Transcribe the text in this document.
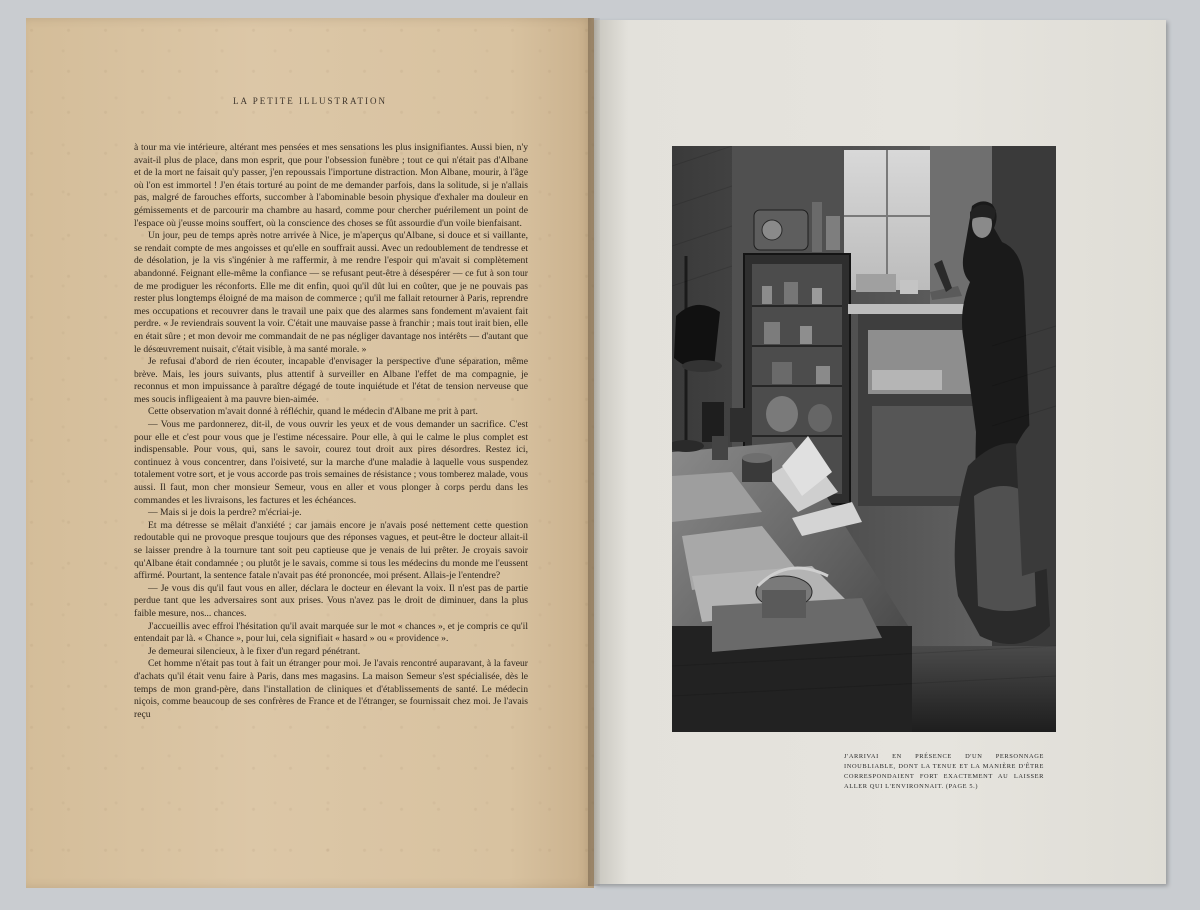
LA PETITE ILLUSTRATION

à tour ma vie intérieure, altérant mes pensées et mes sensations les plus insignifiantes. Aussi bien, n'y avait-il plus de place, dans mon esprit, que pour l'obsession funèbre ; tout ce qui n'était pas d'Albane et de la mort ne faisait qu'y passer, j'en repoussais l'importune distraction. Mon Albane, mourir, à l'âge où l'on est immortel ! J'en étais torturé au point de me demander parfois, dans la solitude, si je n'allais pas, malgré de farouches efforts, succomber à l'abominable besoin physique d'exhaler ma douleur en gémissements et de parcourir ma chambre au hasard, comme pour chercher puérilement un point de l'espace où j'eusse moins souffert, où la conscience des choses se fût assourdie d'un voile bienfaisant.

Un jour, peu de temps après notre arrivée à Nice, je m'aperçus qu'Albane, si douce et si vaillante, se rendait compte de mes angoisses et qu'elle en souffrait aussi. Avec un redoublement de tendresse et de désolation, je la vis s'ingénier à me raffermir, à me rendre l'espoir qui m'avait si complètement abandonné. Feignant elle-même la confiance — se refusant peut-être à désespérer — ce fut à son tour de me prodiguer les réconforts. Elle me dit enfin, quoi qu'il dût lui en coûter, que je ne pouvais pas rester plus longtemps éloigné de ma maison de commerce ; qu'il me fallait retourner à Paris, reprendre mes occupations et recouvrer dans le travail une paix que des alarmes sans fondement m'avaient fait perdre. « Je reviendrais souvent la voir. C'était une mauvaise passe à franchir ; mais tout irait bien, elle en était sûre ; et mon devoir me commandait de ne pas négliger davantage nos intérêts — d'autant que le désœuvrement nuisait, c'était visible, à ma santé morale. »

Je refusai d'abord de rien écouter, incapable d'envisager la perspective d'une séparation, même brève. Mais, les jours suivants, plus attentif à surveiller en Albane l'effet de ma compagnie, je reconnus et mon impuissance à paraître dégagé de toute inquiétude et l'état de tension nerveuse que mes soucis infligeaient à ma pauvre bien-aimée.

Cette observation m'avait donné à réfléchir, quand le médecin d'Albane me prit à part.

— Vous me pardonnerez, dit-il, de vous ouvrir les yeux et de vous demander un sacrifice. C'est pour elle et c'est pour vous que je l'estime nécessaire. Pour elle, à qui le calme le plus complet est indispensable. Pour vous, qui, sans le savoir, courez tout droit aux pires désordres. Restez ici, continuez à vous concentrer, dans l'oisiveté, sur la marche d'une maladie à laquelle vous suspendez totalement votre sort, et je vous accorde pas trois semaines de résistance ; vous tomberez malade, vous aussi. Il faut, mon cher monsieur Semeur, vous en aller et vous plonger à corps perdu dans les commandes et les livraisons, les factures et les échéances.

— Mais si je dois la perdre? m'écriai-je.

Et ma détresse se mêlait d'anxiété ; car jamais encore je n'avais posé nettement cette question redoutable qui ne provoque presque toujours que des réponses vagues, et peut-être le docteur allait-il se laisser prendre à la tournure tant soit peu captieuse que je venais de lui prêter. Je croyais savoir qu'Albane était condamnée ; ou plutôt je le savais, comme si tous les médecins du monde me l'eussent affirmé. Pourtant, la sentence fatale n'avait pas été prononcée, moi présent. Allais-je l'entendre?

— Je vous dis qu'il faut vous en aller, déclara le docteur en élevant la voix. Il n'est pas de partie perdue tant que les adversaires sont aux prises. Vous n'avez pas le droit de diminuer, dans la plus faible mesure, nos... chances.

J'accueillis avec effroi l'hésitation qu'il avait marquée sur le mot « chances », et je compris ce qu'il entendait par là. « Chance », pour lui, cela signifiait « hasard » ou « providence ».

Je demeurai silencieux, à le fixer d'un regard pénétrant.

Cet homme n'était pas tout à fait un étranger pour moi. Je l'avais rencontré auparavant, à la faveur d'achats qu'il était venu faire à Paris, dans mes magasins. La maison Semeur s'est spécialisée, dès le temps de mon grand-père, dans l'installation de cliniques et d'établissements de santé. Le médecin niçois, comme beaucoup de ses confrères de France et de l'étranger, se fournissait chez moi. Je l'avais reçu

J'ARRIVAI EN PRÉSENCE D'UN PERSONNAGE INOUBLIABLE, DONT LA TENUE ET LA MANIÈRE D'ÊTRE CORRESPONDAIENT FORT EXACTEMENT AU LAISSER ALLER QUI L'ENVIRONNAIT. (PAGE 5.)
